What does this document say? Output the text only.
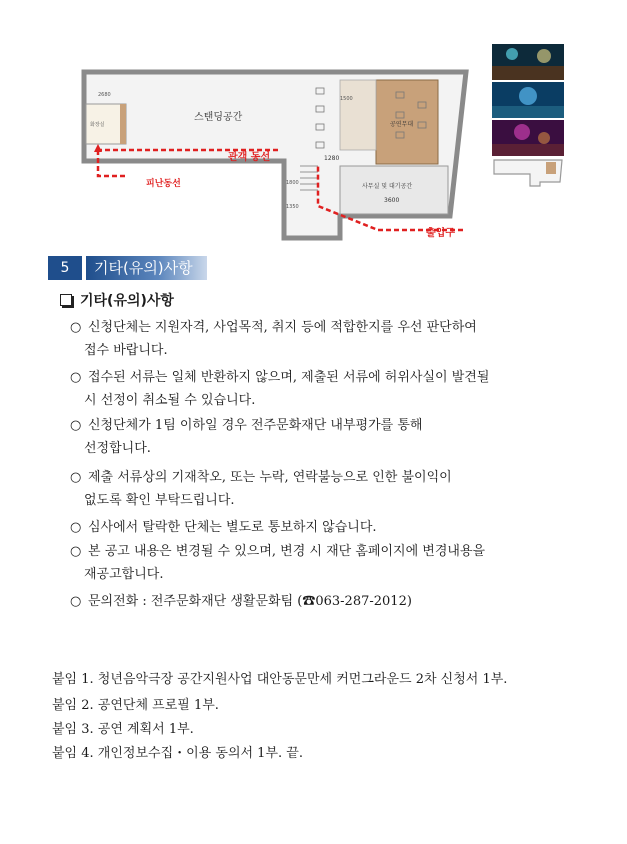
스탠딩공간
관객 동선
피난동선
출입구
공연무대
사무실 및 대기공간
3600
2680
1280
1500
1800
1350
화장실
5	기타(유의)사항
기타(유의)사항
○ 신청단체는 지원자격, 사업목적, 취지 등에 적합한지를 우선 판단하여
접수 바랍니다.
○ 접수된 서류는 일체 반환하지 않으며, 제출된 서류에 허위사실이 발견될
시 선정이 취소될 수 있습니다.
○ 신청단체가 1팀 이하일 경우 전주문화재단 내부평가를 통해
선정합니다.
○ 제출 서류상의 기재착오, 또는 누락, 연락불능으로 인한 불이익이
없도록 확인 부탁드립니다.
○ 심사에서 탈락한 단체는 별도로 통보하지 않습니다.
○ 본 공고 내용은 변경될 수 있으며, 변경 시 재단 홈페이지에 변경내용을
재공고합니다.
○ 문의전화 : 전주문화재단 생활문화팀 (☎063-287-2012)
붙임 1. 청년음악극장 공간지원사업 대안동문만세 커먼그라운드 2차 신청서 1부.
붙임 2. 공연단체 프로필 1부.
붙임 3. 공연 계획서 1부.
붙임 4. 개인정보수집・이용 동의서 1부. 끝.
